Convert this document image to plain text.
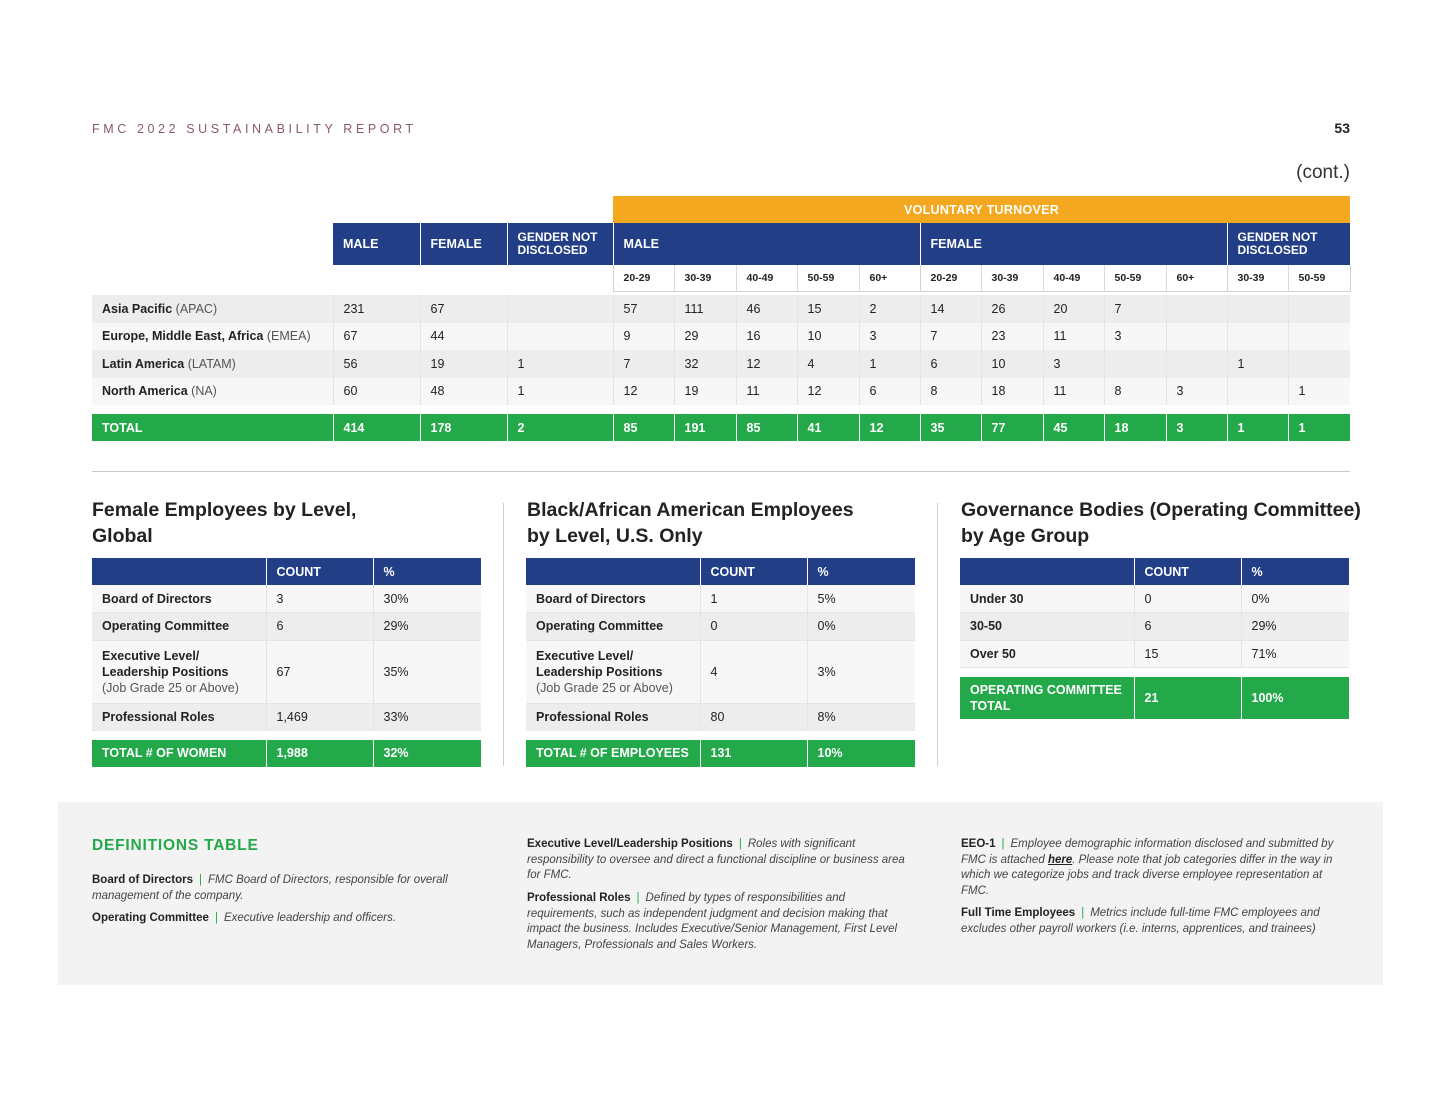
FMC 2022 SUSTAINABILITY REPORT	53
(cont.)
				VOLUNTARY TURNOVER											
	MALE	FEMALE	GENDER NOT
DISCLOSED	MALE					FEMALE					GENDER NOT
DISCLOSED	
				20-29	30-39	40-49	50-59	60+	20-29	30-39	40-49	50-59	60+	30-39	50-59

Asia Pacific (APAC)	231	67		57	111	46	15	2	14	26	20	7			
Europe, Middle East, Africa (EMEA)	67	44		9	29	16	10	3	7	23	11	3			
Latin America (LATAM)	56	19	1	7	32	12	4	1	6	10	3			1	
North America (NA)	60	48	1	12	19	11	12	6	8	18	11	8	3		1

TOTAL	414	178	2	85	191	85	41	12	35	77	45	18	3	1	1
Female Employees by Level,
Global
	COUNT	%
Board of Directors	3	30%
Operating Committee	6	29%
Executive Level/
Leadership Positions
(Job Grade 25 or Above)	67	35%
Professional Roles	1,469	33%

TOTAL # OF WOMEN	1,988	32%
Black/African American Employees
by Level, U.S. Only
	COUNT	%
Board of Directors	1	5%
Operating Committee	0	0%
Executive Level/
Leadership Positions
(Job Grade 25 or Above)	4	3%
Professional Roles	80	8%

TOTAL # OF EMPLOYEES	131	10%
Governance Bodies (Operating Committee)
by Age Group
	COUNT	%
Under 30	0	0%
30-50	6	29%
Over 50	15	71%

OPERATING COMMITTEE
TOTAL	21	100%
DEFINITIONS TABLE
Board of Directors | FMC Board of Directors, responsible for overall management of the company.
Operating Committee | Executive leadership and officers.
Executive Level/Leadership Positions | Roles with significant responsibility to oversee and direct a functional discipline or business area for FMC.
Professional Roles | Defined by types of responsibilities and requirements, such as independent judgment and decision making that impact the business. Includes Executive/Senior Management, First Level Managers, Professionals and Sales Workers.
EEO-1 | Employee demographic information disclosed and submitted by FMC is attached here. Please note that job categories differ in the way in which we categorize jobs and track diverse employee representation at FMC.
Full Time Employees | Metrics include full-time FMC employees and excludes other payroll workers (i.e. interns, apprentices, and trainees)
